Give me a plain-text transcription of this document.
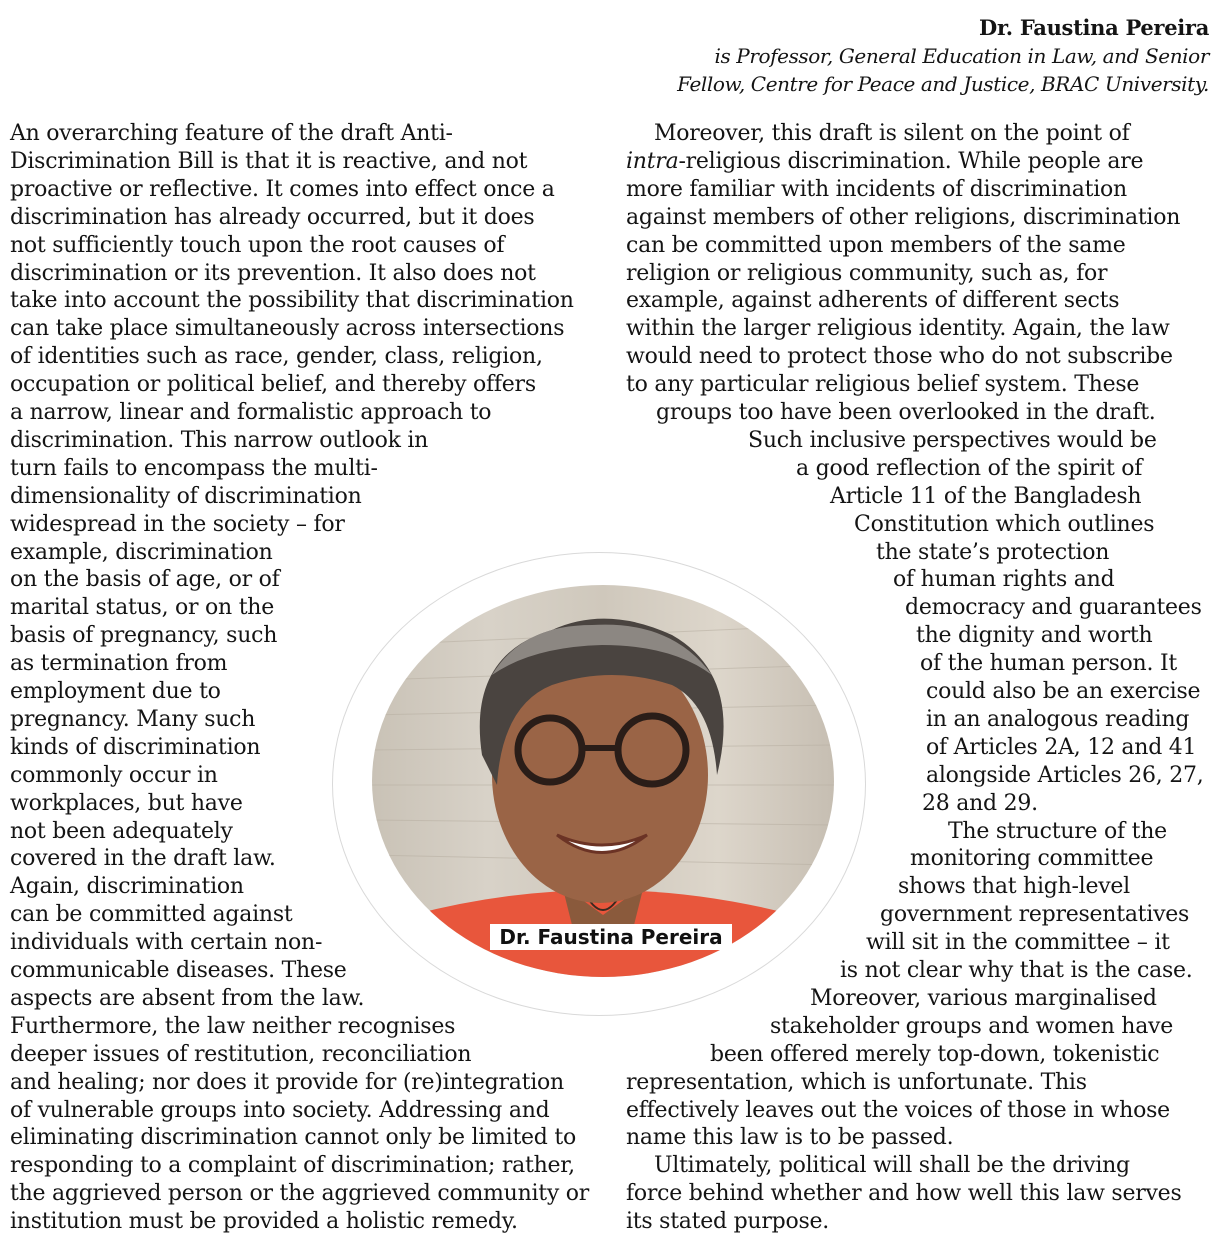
Dr. Faustina Pereira
is Professor, General Education in Law, and Senior
Fellow, Centre for Peace and Justice, BRAC University.
An overarching feature of the draft Anti-
Discrimination Bill is that it is reactive, and not
proactive or reflective. It comes into effect once a
discrimination has already occurred, but it does
not sufficiently touch upon the root causes of
discrimination or its prevention. It also does not
take into account the possibility that discrimination
can take place simultaneously across intersections
of identities such as race, gender, class, religion,
occupation or political belief, and thereby offers
a narrow, linear and formalistic approach to
discrimination. This narrow outlook in
turn fails to encompass the multi-
dimensionality of discrimination
widespread in the society – for
example, discrimination
on the basis of age, or of
marital status, or on the
basis of pregnancy, such
as termination from
employment due to
pregnancy. Many such
kinds of discrimination
commonly occur in
workplaces, but have
not been adequately
covered in the draft law.
Again, discrimination
can be committed against
individuals with certain non-
communicable diseases. These
aspects are absent from the law.
Furthermore, the law neither recognises
deeper issues of restitution, reconciliation
and healing; nor does it provide for (re)integration
of vulnerable groups into society. Addressing and
eliminating discrimination cannot only be limited to
responding to a complaint of discrimination; rather,
the aggrieved person or the aggrieved community or
institution must be provided a holistic remedy.
Moreover, this draft is silent on the point of
intra-religious discrimination. While people are
more familiar with incidents of discrimination
against members of other religions, discrimination
can be committed upon members of the same
religion or religious community, such as, for
example, against adherents of different sects
within the larger religious identity. Again, the law
would need to protect those who do not subscribe
to any particular religious belief system. These
groups too have been overlooked in the draft.
Such inclusive perspectives would be
a good reflection of the spirit of
Article 11 of the Bangladesh
Constitution which outlines
the state’s protection
of human rights and
democracy and guarantees
the dignity and worth
of the human person. It
could also be an exercise
in an analogous reading
of Articles 2A, 12 and 41
alongside Articles 26, 27,
28 and 29.
The structure of the
monitoring committee
shows that high-level
government representatives
will sit in the committee – it
is not clear why that is the case.
Moreover, various marginalised
stakeholder groups and women have
been offered merely top-down, tokenistic
representation, which is unfortunate. This
effectively leaves out the voices of those in whose
name this law is to be passed.
Ultimately, political will shall be the driving
force behind whether and how well this law serves
its stated purpose.
Dr. Faustina Pereira
